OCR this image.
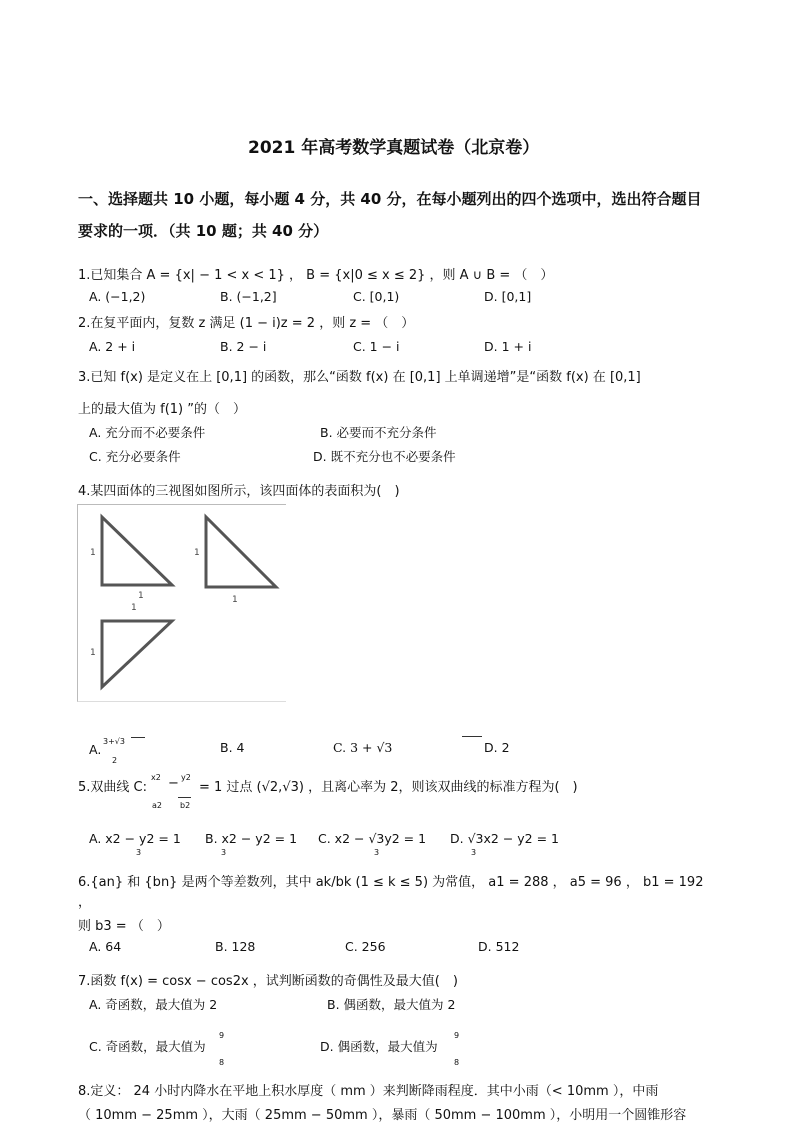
2021 年高考数学真题试卷（北京卷）
一、选择题共 10 小题，每小题 4 分，共 40 分，在每小题列出的四个选项中，选出符合题目
要求的一项．（共 10 题；共 40 分）
1.已知集合 A = {x| − 1 < x < 1} ， B = {x|0 ≤ x ≤ 2} ，则 A ∪ B = （　）
A. (−1,2)	B. (−1,2]	C. [0,1)	D. [0,1]
2.在复平面内，复数 z 满足 (1 − i)z = 2 ，则 z = （　）
A. 2 + i	B. 2 − i	C. 1 − i	D. 1 + i
3.已知 f(x) 是定义在上 [0,1] 的函数，那么“函数 f(x) 在 [0,1] 上单调递增”是“函数 f(x) 在 [0,1]
上的最大值为 f(1) ”的（　）
A. 充分而不必要条件	B. 必要而不充分条件
C. 充分必要条件	D. 既不充分也不必要条件
4.某四面体的三视图如图所示，该四面体的表面积为(　)
1
1
1
1
1
1
A.
3+√3
2
B. 4	C. 3 + √3	D. 2
5.双曲线 C:
x2 − y2
= 1 过点 (√2,√3) ，且离心率为 2，则该双曲线的标准方程为(　)
a2 b2
A. x2 − y2 = 1
3
B. x2 − y2 = 1
3
C. x2 − √3y2 = 1
3
D. √3x2 − y2 = 1
3
6.{an} 和 {bn} 是两个等差数列，其中 ak/bk (1 ≤ k ≤ 5) 为常值， a1 = 288 ， a5 = 96 ， b1 = 192
，
则 b3 = （　）
A. 64	B. 128	C. 256	D. 512
7.函数 f(x) = cosx − cos2x ，试判断函数的奇偶性及最大值(　)
A. 奇函数，最大值为 2	B. 偶函数，最大值为 2
C. 奇函数，最大值为
9
8
D. 偶函数，最大值为
9
8
8.定义： 24 小时内降水在平地上积水厚度（ mm ）来判断降雨程度．其中小雨（< 10mm ），中雨
（ 10mm − 25mm ），大雨（ 25mm − 50mm ），暴雨（ 50mm − 100mm ），小明用一个圆锥形容
